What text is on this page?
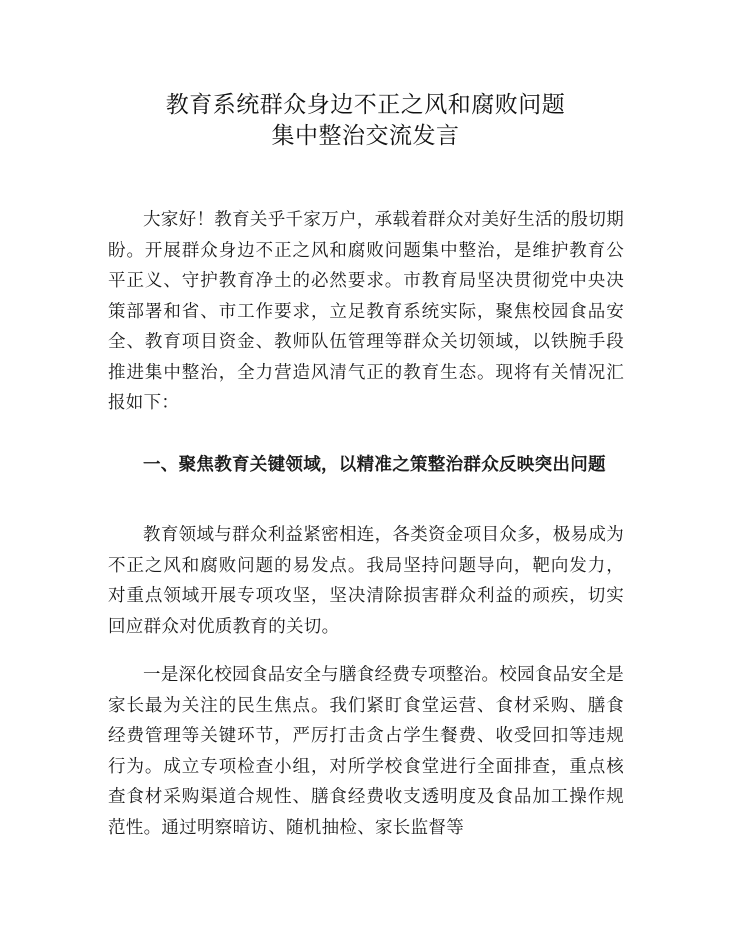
教育系统群众身边不正之风和腐败问题
集中整治交流发言

大家好！教育关乎千家万户，承载着群众对美好生活的殷切期盼。开展群众身边不正之风和腐败问题集中整治，是维护教育公平正义、守护教育净土的必然要求。市教育局坚决贯彻党中央决策部署和省、市工作要求，立足教育系统实际，聚焦校园食品安全、教育项目资金、教师队伍管理等群众关切领域，以铁腕手段推进集中整治，全力营造风清气正的教育生态。现将有关情况汇报如下：

一、聚焦教育关键领域，以精准之策整治群众反映突出问题

教育领域与群众利益紧密相连，各类资金项目众多，极易成为不正之风和腐败问题的易发点。我局坚持问题导向，靶向发力，对重点领域开展专项攻坚，坚决清除损害群众利益的顽疾，切实回应群众对优质教育的关切。

一是深化校园食品安全与膳食经费专项整治。校园食品安全是家长最为关注的民生焦点。我们紧盯食堂运营、食材采购、膳食经费管理等关键环节，严厉打击贪占学生餐费、收受回扣等违规行为。成立专项检查小组，对所学校食堂进行全面排查，重点核查食材采购渠道合规性、膳食经费收支透明度及食品加工操作规范性。通过明察暗访、随机抽检、家长监督等
